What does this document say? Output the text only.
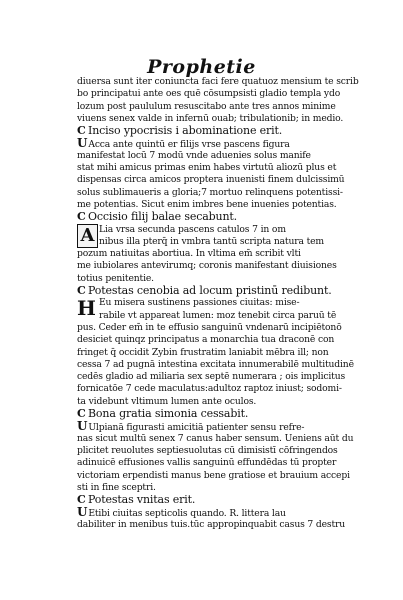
Prophetie
diuersa sunt iter coniuncta faci fere quatuoz mensium te scrib
bo principatui ante oes quē cōsumpsisti gladio templa ydo
lozum post paululum resuscitabo ante tres annos minime
viuens senex valde in infernū ouab; tribulationib; in medio.
C Inciso ypocrisis i abominatione erit.
UAcca ante quintū er filijs vrse pascens figura
manifestat locū 7 modū vnde aduenies solus manife
stat mihi amicus primas enim habes virtutū aliozū plus et
dispensas circa amicos proptera inuenisti finem dulcissimū
solus sublimaueris a gloria;7 mortuo relinquens potentissi-
me potentias. Sicut enim imbres bene inuenies potentias.
C Occisio filij balae secabunt.
Lia vrsa secunda pascens catulos 7 in om
nibus illa pterq̄ in vmbra tantū scripta natura tem
pozum natiuitas abortiua. In vltima em̄ scribit vlti
me iubiolares antevirumq; coronis manifestant diuisiones
totius penitentie.
A
C Potestas cenobia ad locum pristinū redibunt.
Eu misera sustinens passiones ciuitas: mise-
rabile vt appareat lumen: moz tenebit circa paruū tē
pus. Ceder em̄ in te effusio sanguinū vndenarū incipiētonō
desiciet quinqz principatus a monarchia tua draconē con
fringet q̄ occidit Zybin frustratim laniabit mēbra ill; non
cessa 7 ad pugnā intestina excitata innumerabilē multitudinē
cedēs gladio ad miliaria sex septē numerara ; ois implicitus
fornicatōe 7 cede maculatus:adultoz raptoz iniust; sodomi-
ta videbunt vltimum lumen ante oculos.
H
C Bona gratia simonia cessabit.
UUlpianā figurasti amicitiā patienter sensu refre-
nas sicut multū senex 7 canus haber sensum. Ueniens aūt du
plicitet reuolutes septiesuolutas cū dimisistī cōfringendos
adinuicē effusiones vallis sanguinū effundēdas tū propter
victoriam erpendisti manus bene gratiose et brauium accepi
sti in fine sceptri.
C Potestas vnitas erit.
UEtibi ciuitas septicolis quando. R. littera lau
dabiliter in menibus tuis.tūc appropinquabit casus 7 destru
